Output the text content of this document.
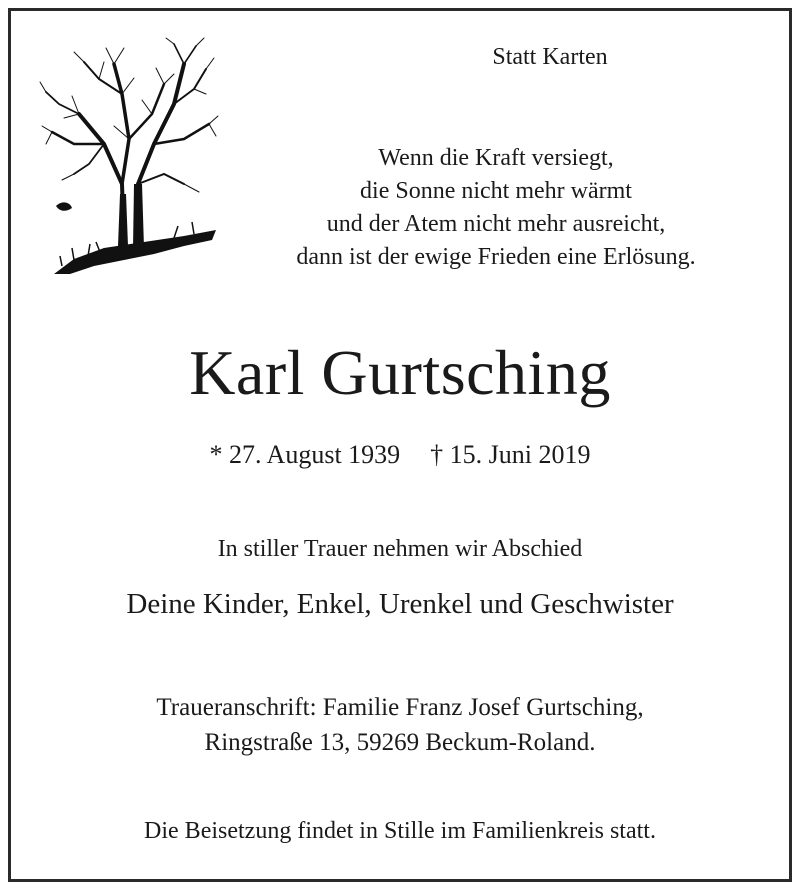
Statt Karten
Wenn die Kraft versiegt,
die Sonne nicht mehr wärmt
und der Atem nicht mehr ausreicht,
dann ist der ewige Frieden eine Erlösung.
Karl Gurtsching
* 27. August 1939 † 15. Juni 2019
In stiller Trauer nehmen wir Abschied
Deine Kinder, Enkel, Urenkel und Geschwister
Traueranschrift: Familie Franz Josef Gurtsching,
Ringstraße 13, 59269 Beckum-Roland.
Die Beisetzung findet in Stille im Familienkreis statt.
